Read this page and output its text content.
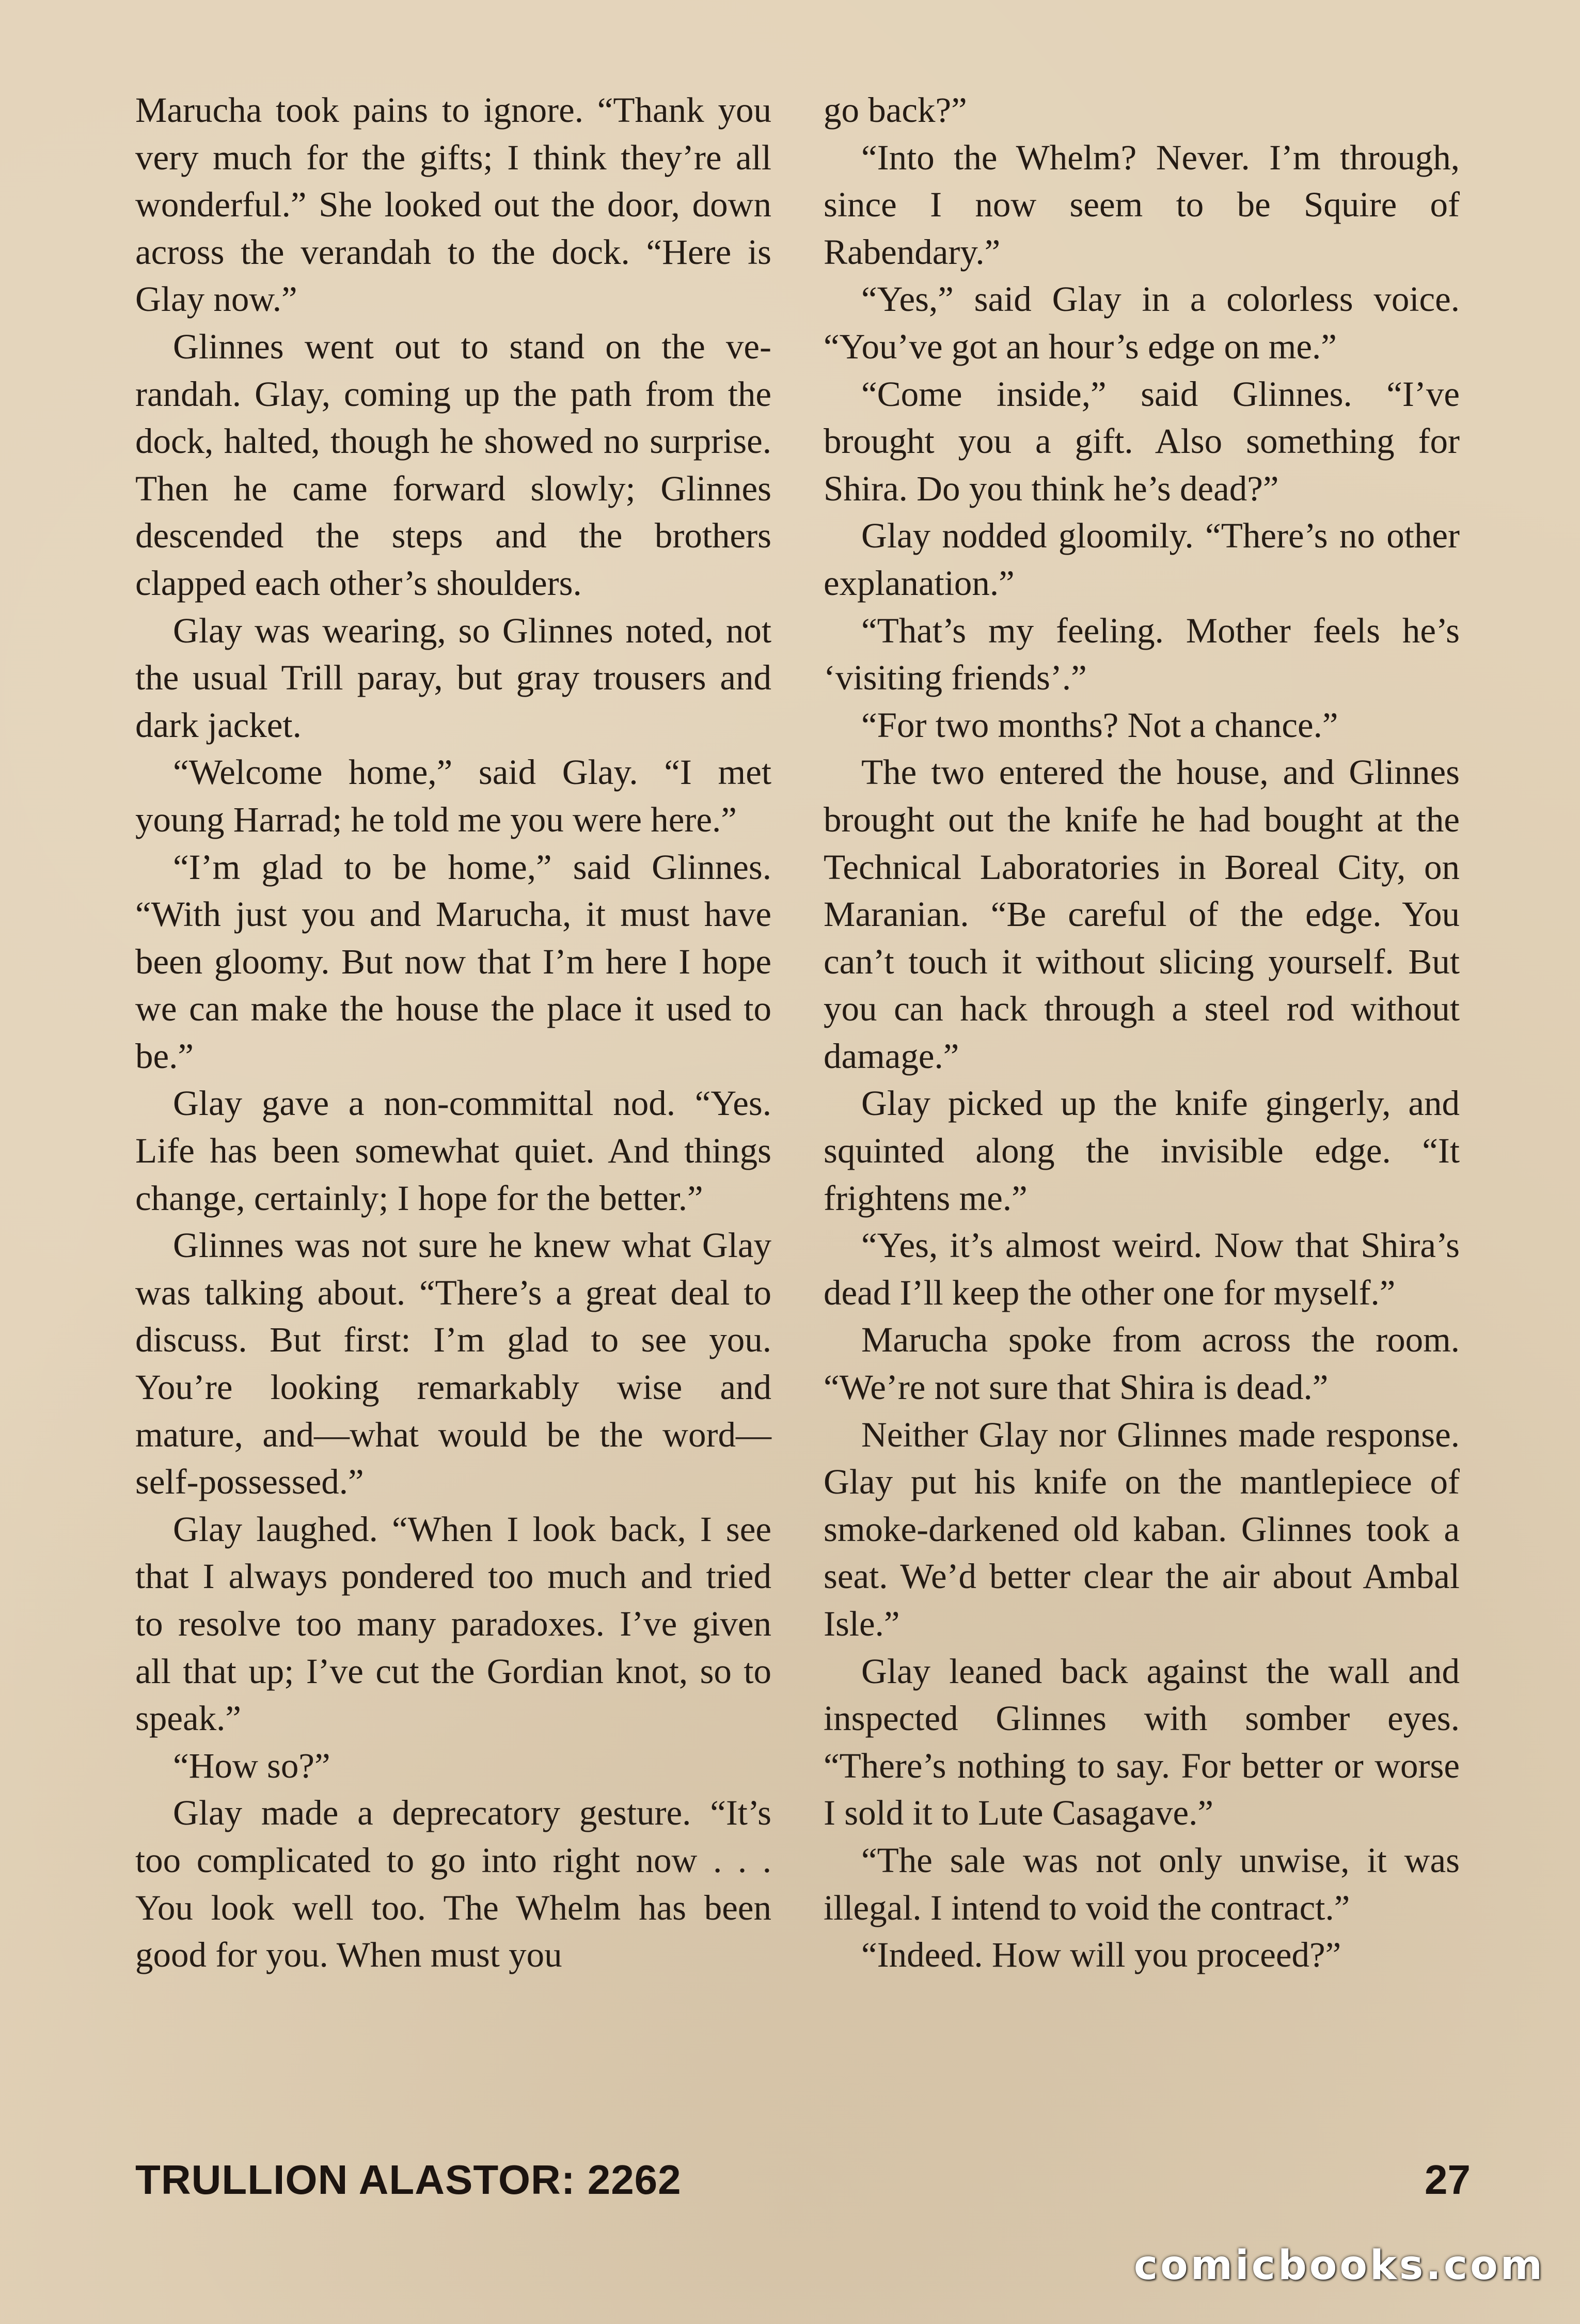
Marucha took pains to ignore. “Thank you very much for the gifts; I think they’re all wonderful.” She looked out the door, down across the verandah to the dock. “Here is Glay now.”

Glinnes went out to stand on the verandah. Glay, coming up the path from the dock, halted, though he showed no surprise. Then he came forward slowly; Glinnes descended the steps and the brothers clapped each other’s shoulders.

Glay was wearing, so Glinnes noted, not the usual Trill paray, but gray trousers and dark jacket.

“Welcome home,” said Glay. “I met young Harrad; he told me you were here.”

“I’m glad to be home,” said Glinnes. “With just you and Marucha, it must have been gloomy. But now that I’m here I hope we can make the house the place it used to be.”

Glay gave a non-committal nod. “Yes. Life has been somewhat quiet. And things change, certainly; I hope for the better.”

Glinnes was not sure he knew what Glay was talking about. “There’s a great deal to discuss. But first: I’m glad to see you. You’re looking remarkably wise and mature, and—what would be the word—self-possessed.”

Glay laughed. “When I look back, I see that I always pondered too much and tried to resolve too many paradoxes. I’ve given all that up; I’ve cut the Gordian knot, so to speak.”

“How so?”

Glay made a deprecatory gesture. “It’s too complicated to go into right now . . . You look well too. The Whelm has been good for you. When must you

go back?”

“Into the Whelm? Never. I’m through, since I now seem to be Squire of Rabendary.”

“Yes,” said Glay in a colorless voice. “You’ve got an hour’s edge on me.”

“Come inside,” said Glinnes. “I’ve brought you a gift. Also something for Shira. Do you think he’s dead?”

Glay nodded gloomily. “There’s no other explanation.”

“That’s my feeling. Mother feels he’s ‘visiting friends’.”

“For two months? Not a chance.”

The two entered the house, and Glinnes brought out the knife he had bought at the Technical Laboratories in Boreal City, on Maranian. “Be careful of the edge. You can’t touch it without slicing yourself. But you can hack through a steel rod without damage.”

Glay picked up the knife gingerly, and squinted along the invisible edge. “It frightens me.”

“Yes, it’s almost weird. Now that Shira’s dead I’ll keep the other one for myself.”

Marucha spoke from across the room. “We’re not sure that Shira is dead.”

Neither Glay nor Glinnes made response. Glay put his knife on the mantlepiece of smoke-darkened old kaban. Glinnes took a seat. We’d better clear the air about Ambal Isle.”

Glay leaned back against the wall and inspected Glinnes with somber eyes. “There’s nothing to say. For better or worse I sold it to Lute Casagave.”

“The sale was not only unwise, it was illegal. I intend to void the contract.”

“Indeed. How will you proceed?”

TRULLION ALASTOR: 2262	27
comicbooks.com
